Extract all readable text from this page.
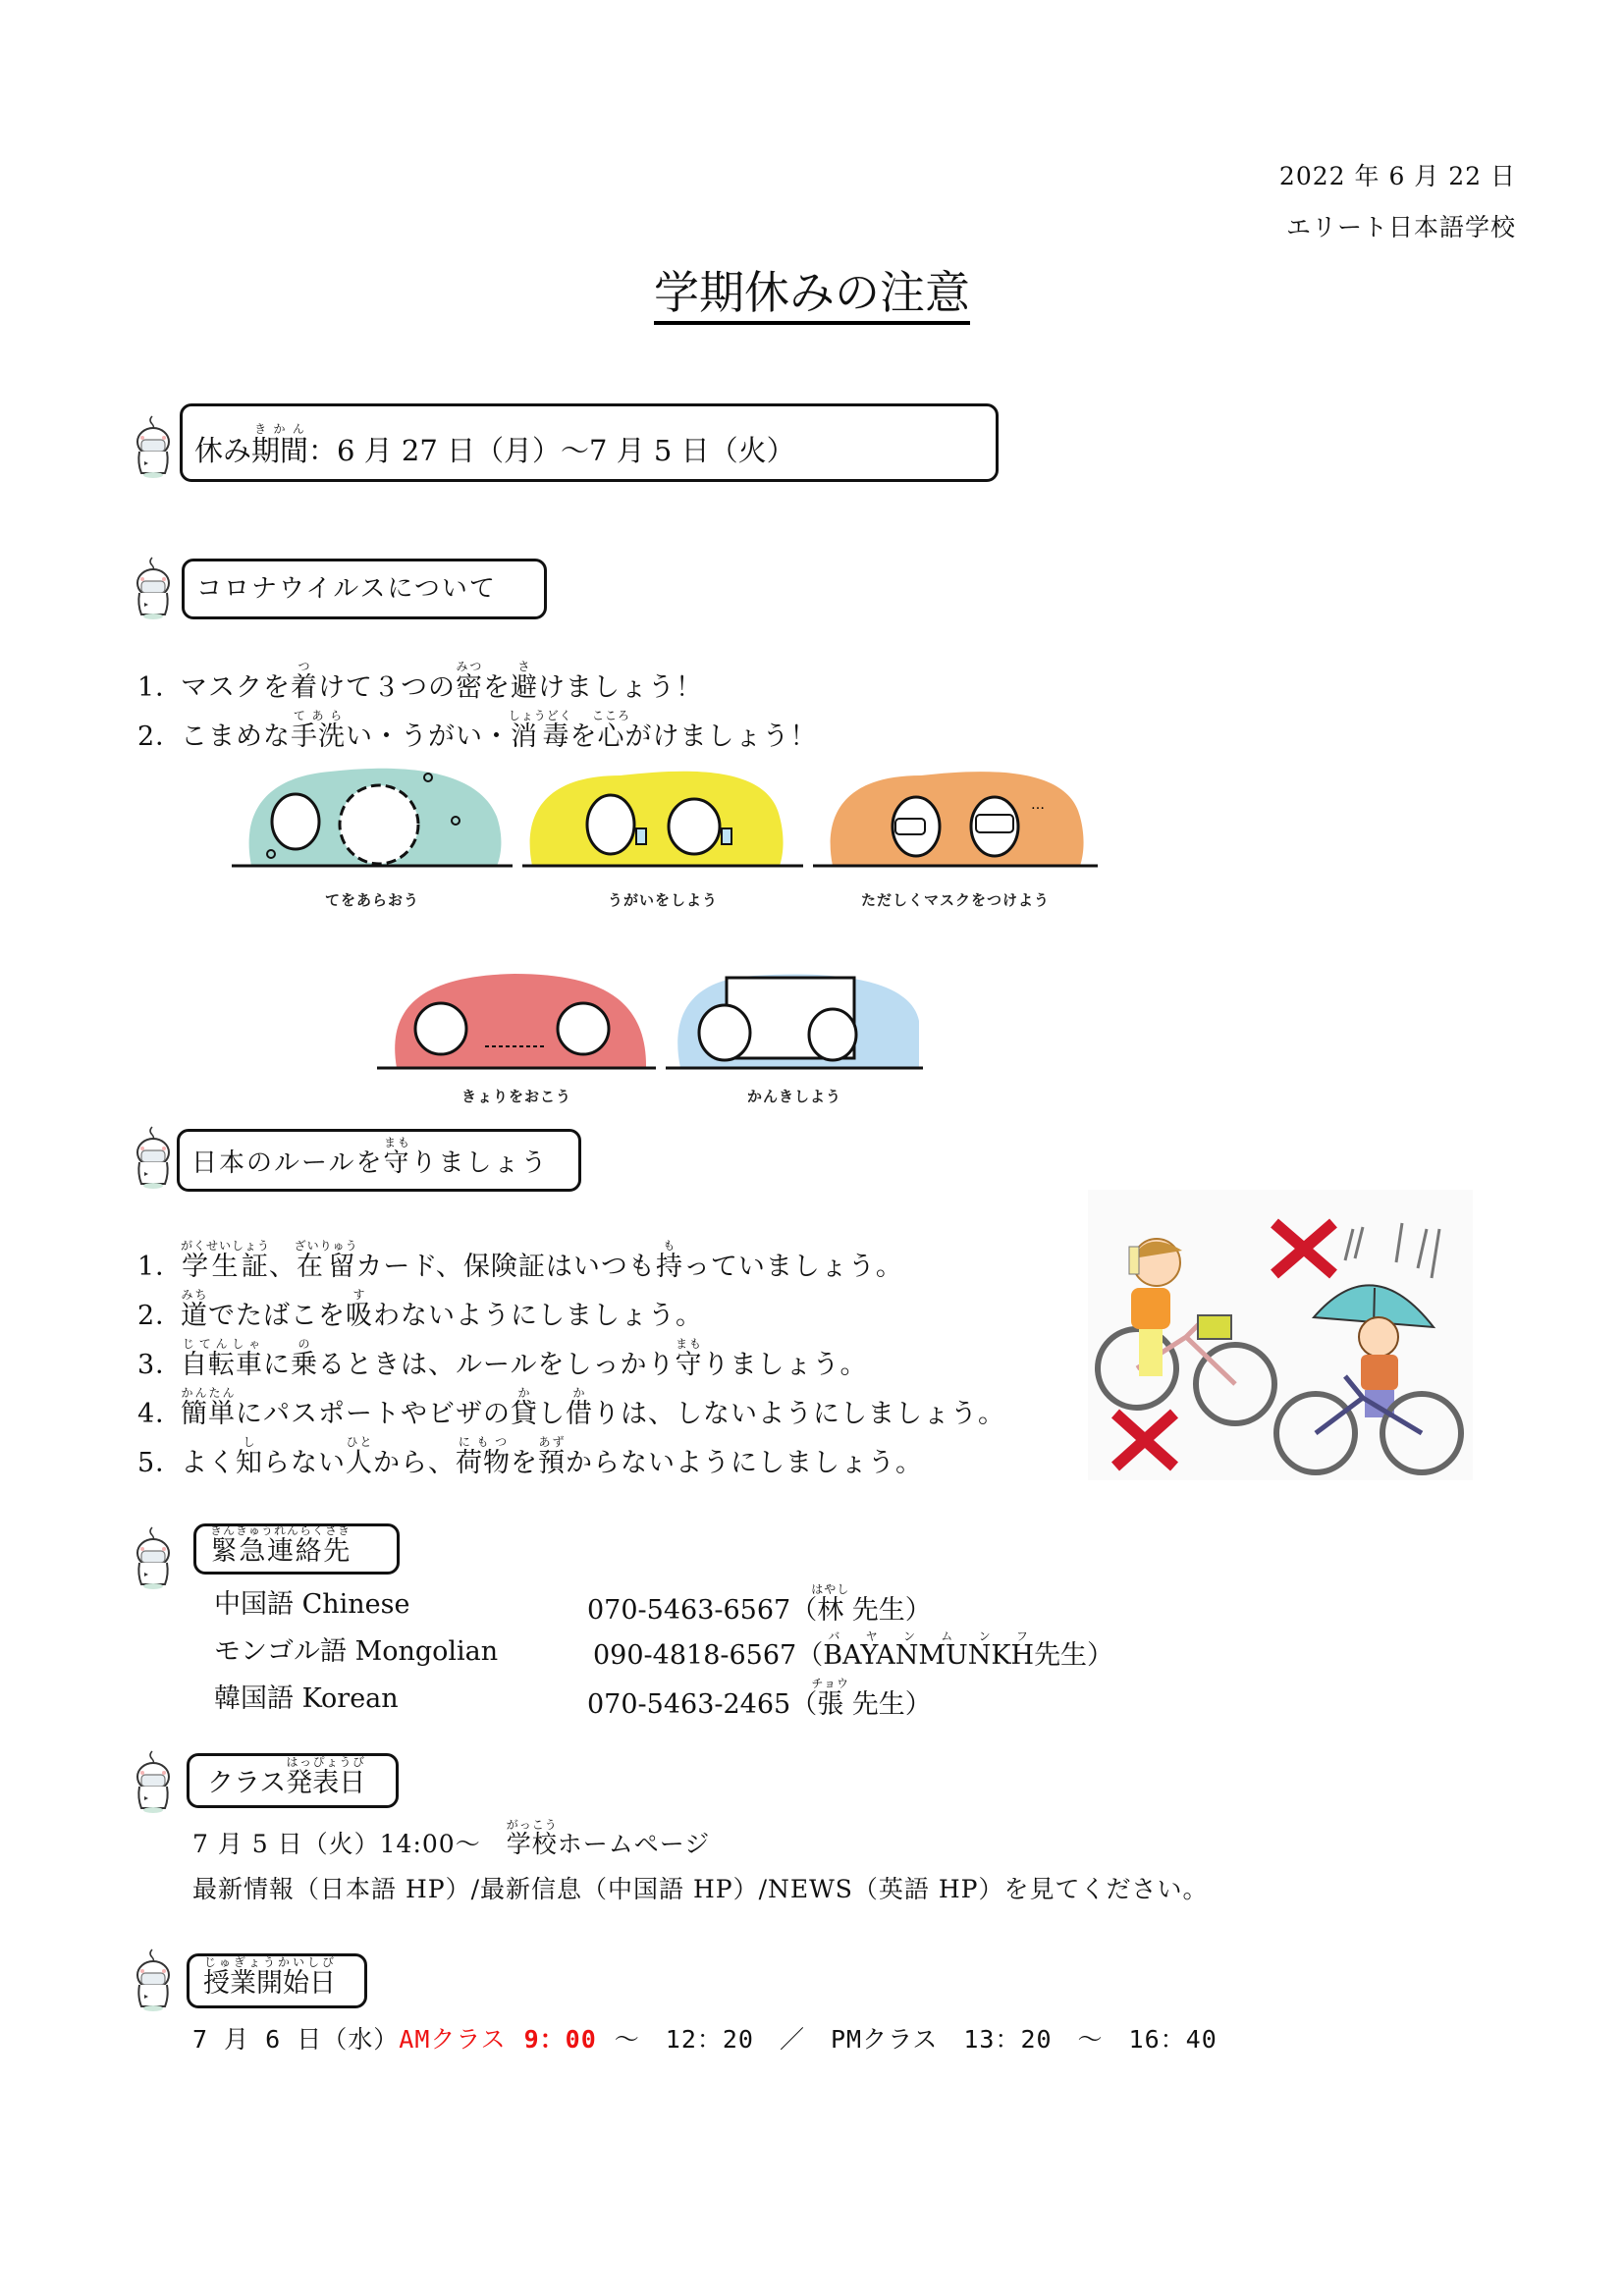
2022 年 6 月 22 日
エリート日本語学校
学期休みの注意
休み 期間きかん
：6 月 27 日（月）～7 月 5 日（火）
コロナウイルスについて
1．マスクを着つけて３つの密みつを避さけましょう！
2．こまめな手洗てあらい・うがい・消毒しょうどくを心こころがけましょう！
てをあらおう	うがいをしよう
…
ただしくマスクをつけよう
きょりをおこう	かんきしよう
日本のルールを 守まも
りましょう
1．学生証がくせいしょう、在留ざいりゅうカード、保険証はいつも持もっていましょう。
2．道みちでたばこを吸すわないようにしましょう。
3．自転車じてんしゃに乗のるときは、ルールをしっかり守まもりましょう。
4．簡単かんたんにパスポートやビザの貸かし借かりは、しないようにしましょう。
5．よく知しらない人ひとから、荷物にもつを預あずからないようにしましょう。
緊急連絡先きんきゅうれんらくさき
中国語 Chinese	070-5463-6567（林はやし 先生）
モンゴル語 Mongolian	090-4818-6567（BAYANMUNKHバ ヤ ン ム ン フ先生）
韓国語 Korean	070-5463-2465（張チョウ 先生）
クラス 発表日はっぴょうび
7 月 5 日（火）14:00～　学校がっこうホームページ
最新情報（日本語 HP）/最新信息（中国語 HP）/NEWS（英語 HP）を見てください。
授業開始日じゅぎょうかいしび
7 月 6 日（水）AMクラス 9：00 ～　12：20　／　PMクラス　13：20　～　16：40
